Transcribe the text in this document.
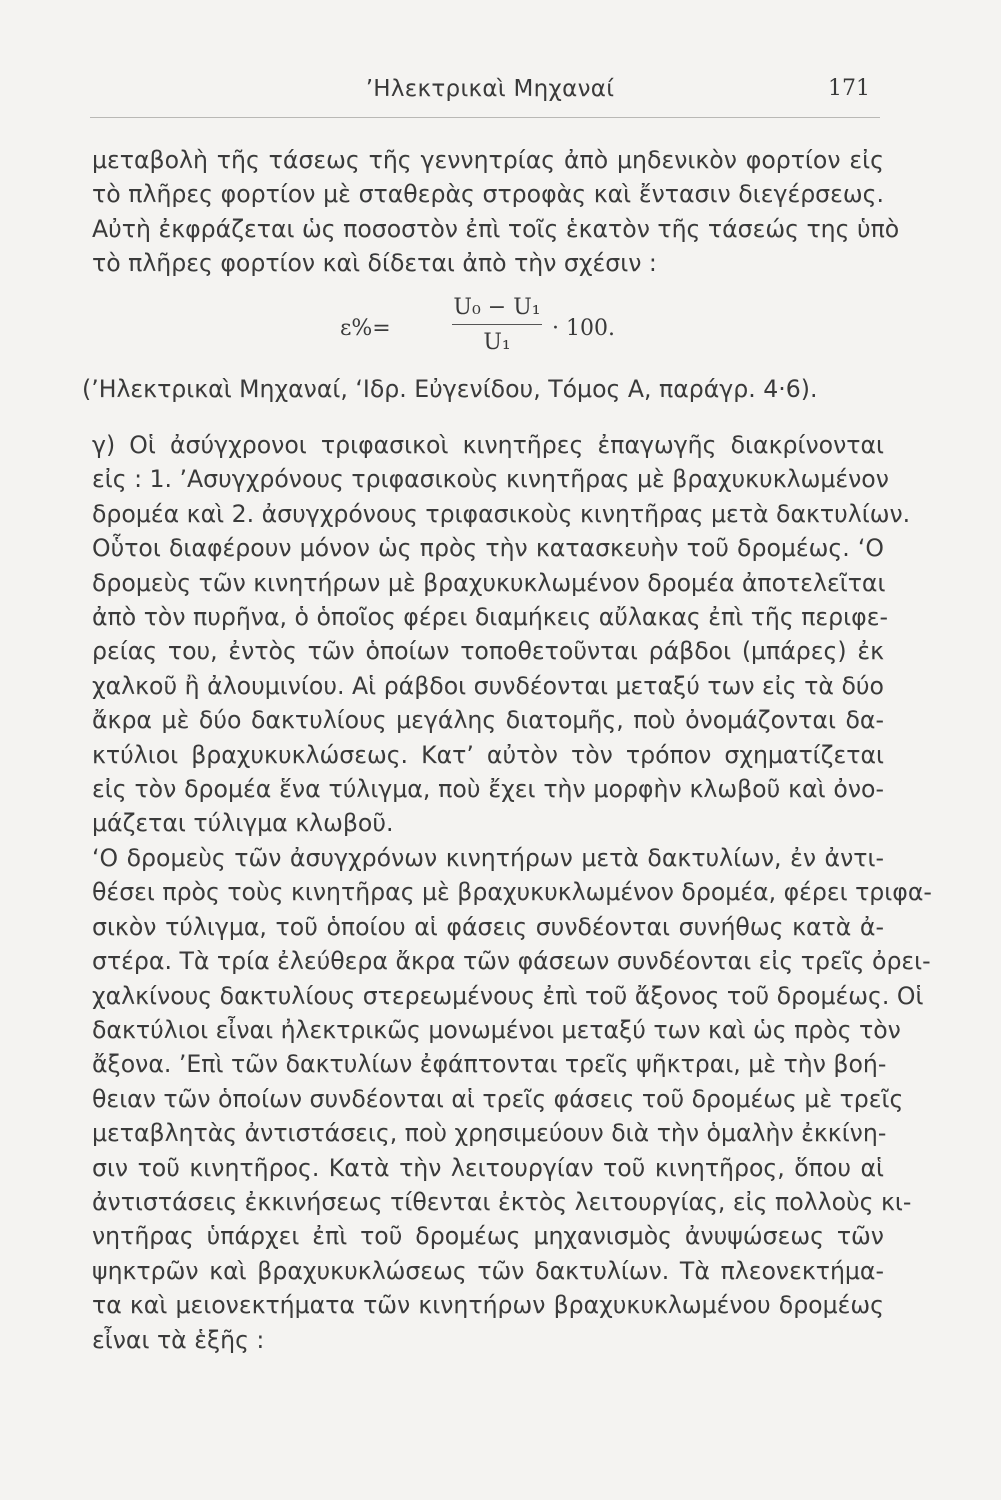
’Ηλεκτρικαὶ Μηχαναί	171
μεταβολὴ τῆς τάσεως τῆς γεννητρίας ἀπὸ μηδενικὸν φορτίον εἰς
τὸ πλῆρες φορτίον μὲ σταθερὰς στροφὰς καὶ ἔντασιν διεγέρσεως.
Αὐτὴ ἐκφράζεται ὡς ποσοστὸν ἐπὶ τοῖς ἑκατὸν τῆς τάσεώς της ὑπὸ
τὸ πλῆρες φορτίον καὶ δίδεται ἀπὸ τὴν σχέσιν :
ε%=
U₀ − U₁
U₁
· 100.
(’Ηλεκτρικαὶ Μηχαναί, ‘Ιδρ. Εὐγενίδου, Τόμος Α, παράγρ. 4·6).
γ) Οἱ ἀσύγχρονοι τριφασικοὶ κινητῆρες ἐπαγωγῆς διακρίνονται
εἰς : 1. ’Ασυγχρόνους τριφασικοὺς κινητῆρας μὲ βραχυκυκλωμένον
δρομέα καὶ 2. ἀσυγχρόνους τριφασικοὺς κινητῆρας μετὰ δακτυλίων.
Οὗτοι διαφέρουν μόνον ὡς πρὸς τὴν κατασκευὴν τοῦ δρομέως. ‘Ο
δρομεὺς τῶν κινητήρων μὲ βραχυκυκλωμένον δρομέα ἀποτελεῖται
ἀπὸ τὸν πυρῆνα, ὁ ὁποῖος φέρει διαμήκεις αὔλακας ἐπὶ τῆς περιφε-
ρείας του, ἐντὸς τῶν ὁποίων τοποθετοῦνται ράβδοι (μπάρες) ἐκ
χαλκοῦ ἢ ἀλουμινίου. Αἱ ράβδοι συνδέονται μεταξύ των εἰς τὰ δύο
ἄκρα μὲ δύο δακτυλίους μεγάλης διατομῆς, ποὺ ὀνομάζονται δα-
κτύλιοι βραχυκυκλώσεως. Κατ’ αὐτὸν τὸν τρόπον σχηματίζεται
εἰς τὸν δρομέα ἕνα τύλιγμα, ποὺ ἔχει τὴν μορφὴν κλωβοῦ καὶ ὀνο-
μάζεται τύλιγμα κλωβοῦ.
‘Ο δρομεὺς τῶν ἀσυγχρόνων κινητήρων μετὰ δακτυλίων, ἐν ἀντι-
θέσει πρὸς τοὺς κινητῆρας μὲ βραχυκυκλωμένον δρομέα, φέρει τριφα-
σικὸν τύλιγμα, τοῦ ὁποίου αἱ φάσεις συνδέονται συνήθως κατὰ ἀ-
στέρα. Τὰ τρία ἐλεύθερα ἄκρα τῶν φάσεων συνδέονται εἰς τρεῖς ὀρει-
χαλκίνους δακτυλίους στερεωμένους ἐπὶ τοῦ ἄξονος τοῦ δρομέως. Οἱ
δακτύλιοι εἶναι ἠλεκτρικῶς μονωμένοι μεταξύ των καὶ ὡς πρὸς τὸν
ἄξονα. ’Επὶ τῶν δακτυλίων ἐφάπτονται τρεῖς ψῆκτραι, μὲ τὴν βοή-
θειαν τῶν ὁποίων συνδέονται αἱ τρεῖς φάσεις τοῦ δρομέως μὲ τρεῖς
μεταβλητὰς ἀντιστάσεις, ποὺ χρησιμεύουν διὰ τὴν ὁμαλὴν ἐκκίνη-
σιν τοῦ κινητῆρος. Κατὰ τὴν λειτουργίαν τοῦ κινητῆρος, ὅπου αἱ
ἀντιστάσεις ἐκκινήσεως τίθενται ἐκτὸς λειτουργίας, εἰς πολλοὺς κι-
νητῆρας ὑπάρχει ἐπὶ τοῦ δρομέως μηχανισμὸς ἀνυψώσεως τῶν
ψηκτρῶν καὶ βραχυκυκλώσεως τῶν δακτυλίων. Τὰ πλεονεκτήμα-
τα καὶ μειονεκτήματα τῶν κινητήρων βραχυκυκλωμένου δρομέως
εἶναι τὰ ἑξῆς :
